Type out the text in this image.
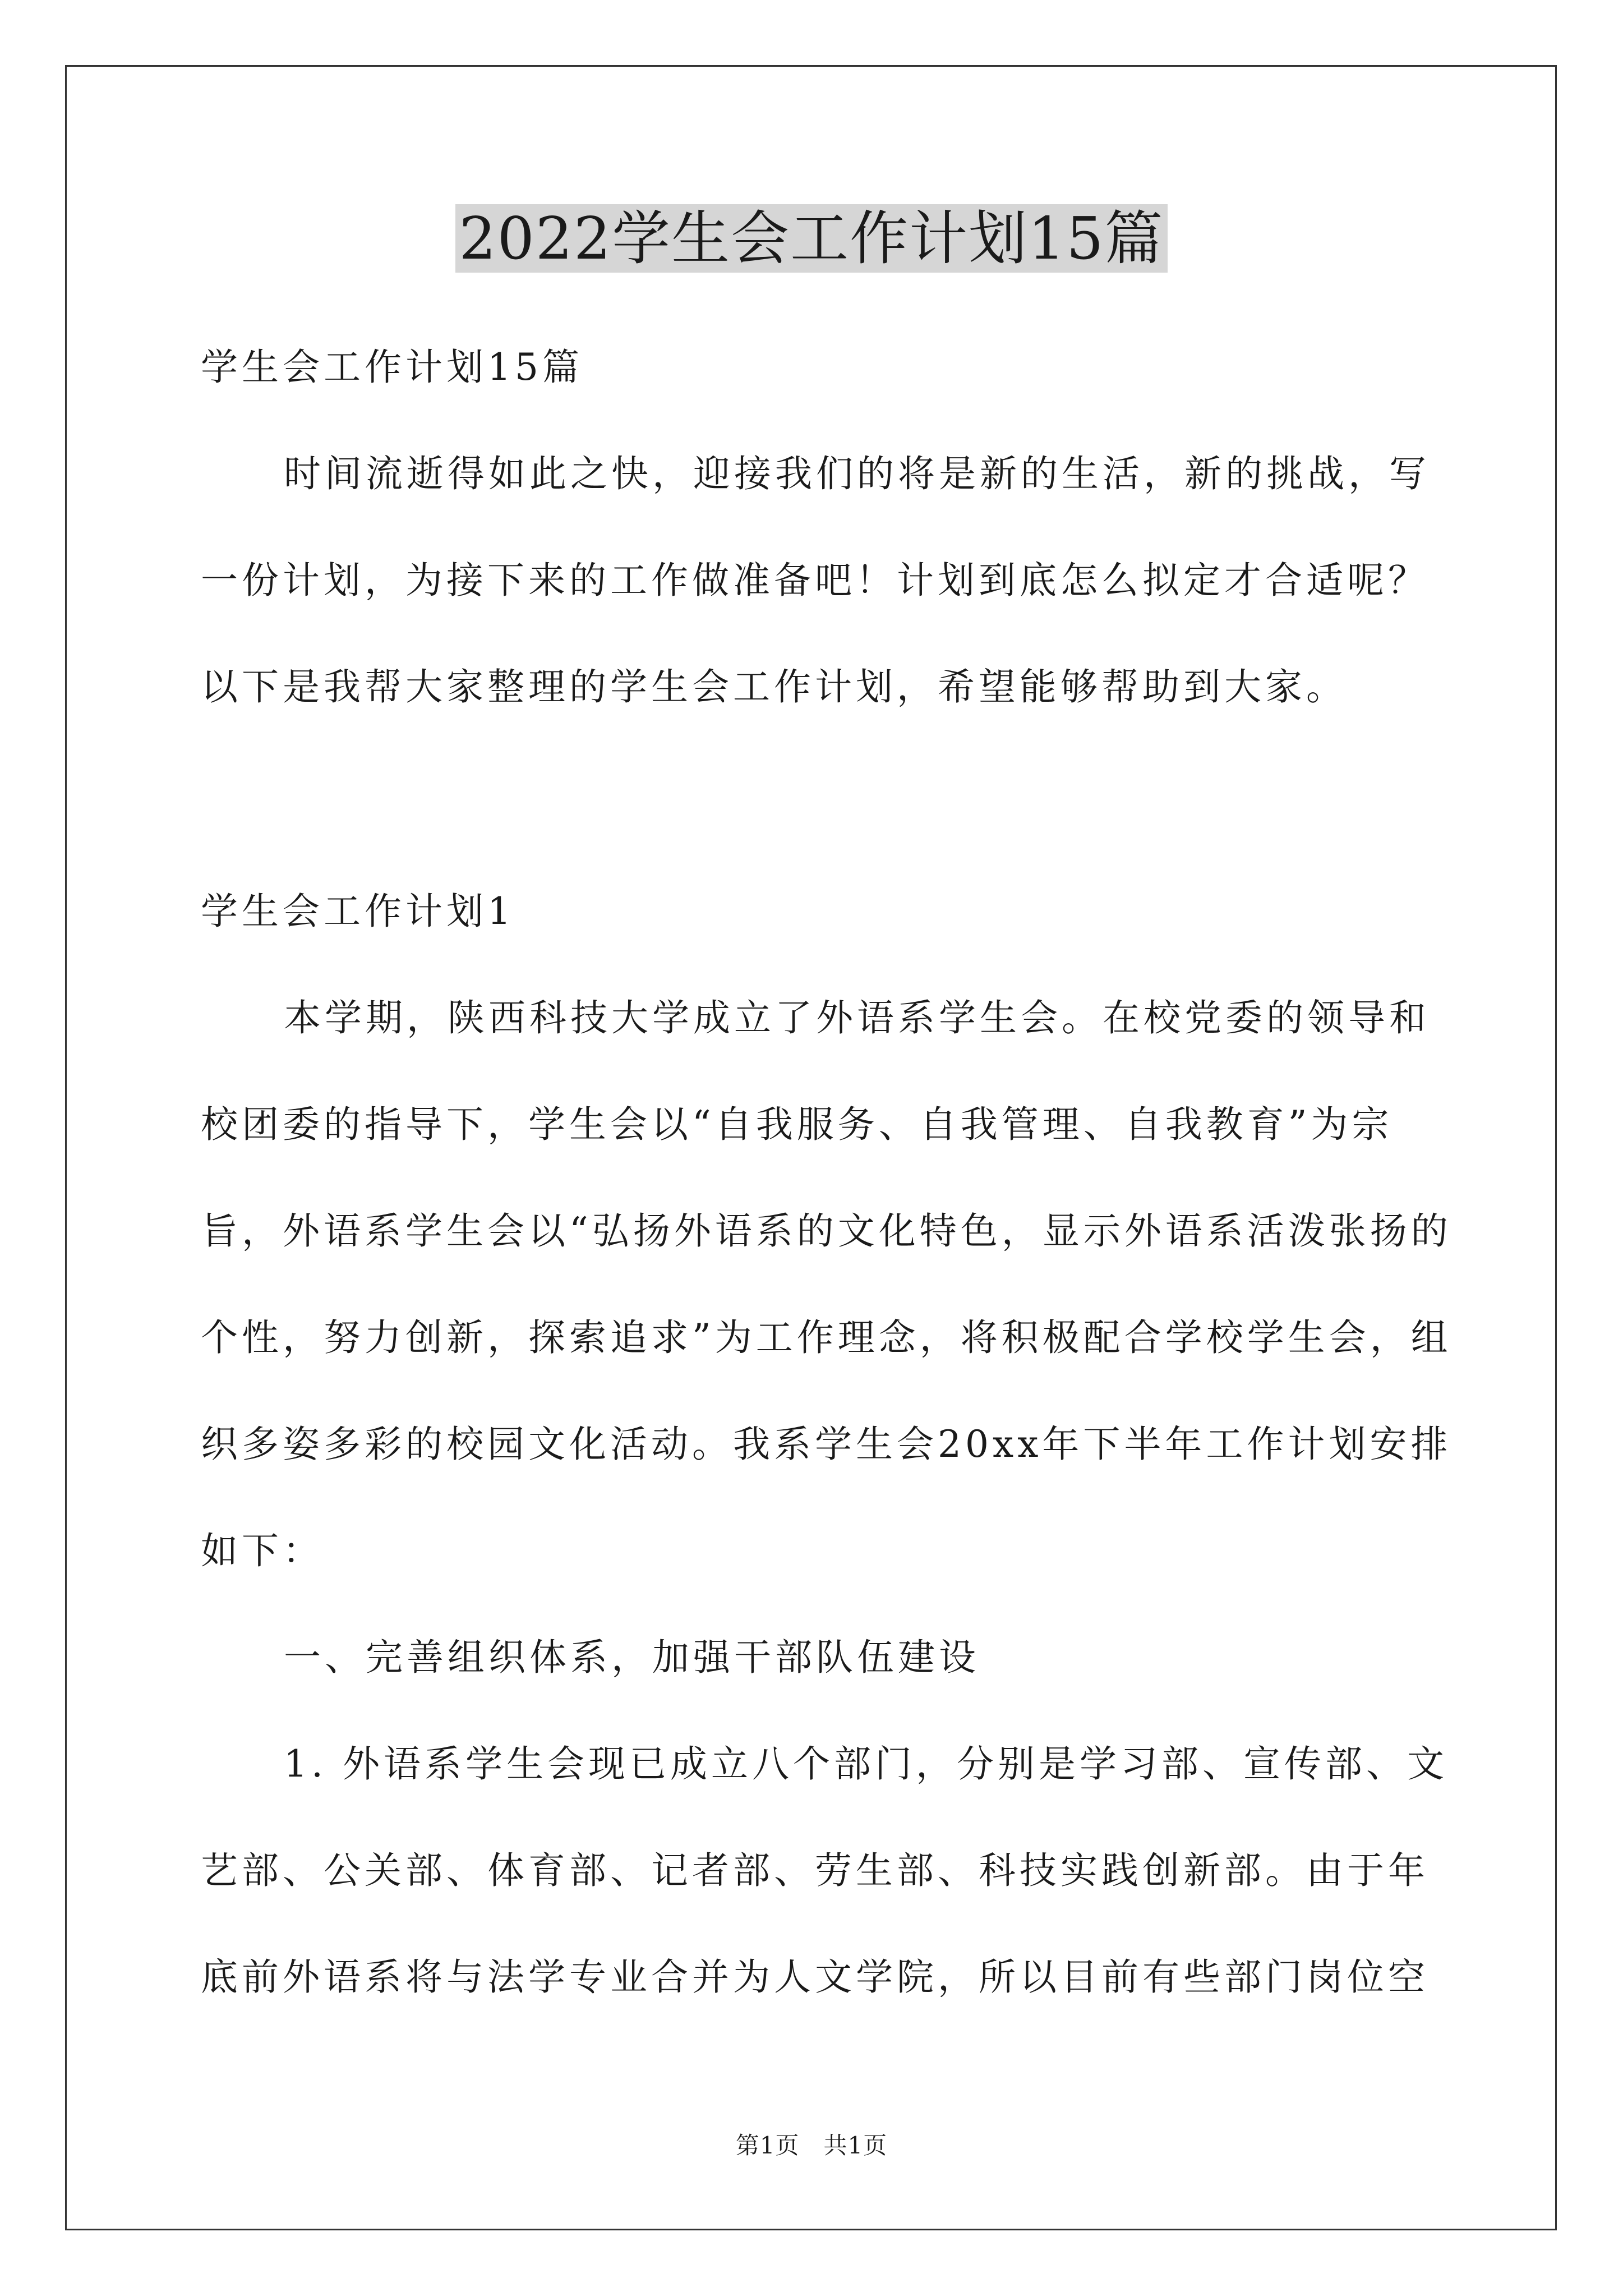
2022学生会工作计划15篇

学生会工作计划15篇

时间流逝得如此之快，迎接我们的将是新的生活，新的挑战，写一份计划，为接下来的工作做准备吧！计划到底怎么拟定才合适呢？以下是我帮大家整理的学生会工作计划，希望能够帮助到大家。

学生会工作计划1

本学期，陕西科技大学成立了外语系学生会。在校党委的领导和校团委的指导下，学生会以“自我服务、自我管理、自我教育”为宗旨，外语系学生会以“弘扬外语系的文化特色，显示外语系活泼张扬的个性，努力创新，探索追求”为工作理念，将积极配合学校学生会，组织多姿多彩的校园文化活动。我系学生会20xx年下半年工作计划安排如下：

一、完善组织体系，加强干部队伍建设

1. 外语系学生会现已成立八个部门，分别是学习部、宣传部、文艺部、公关部、体育部、记者部、劳生部、科技实践创新部。由于年底前外语系将与法学专业合并为人文学院，所以目前有些部门岗位空

第1页　共1页
